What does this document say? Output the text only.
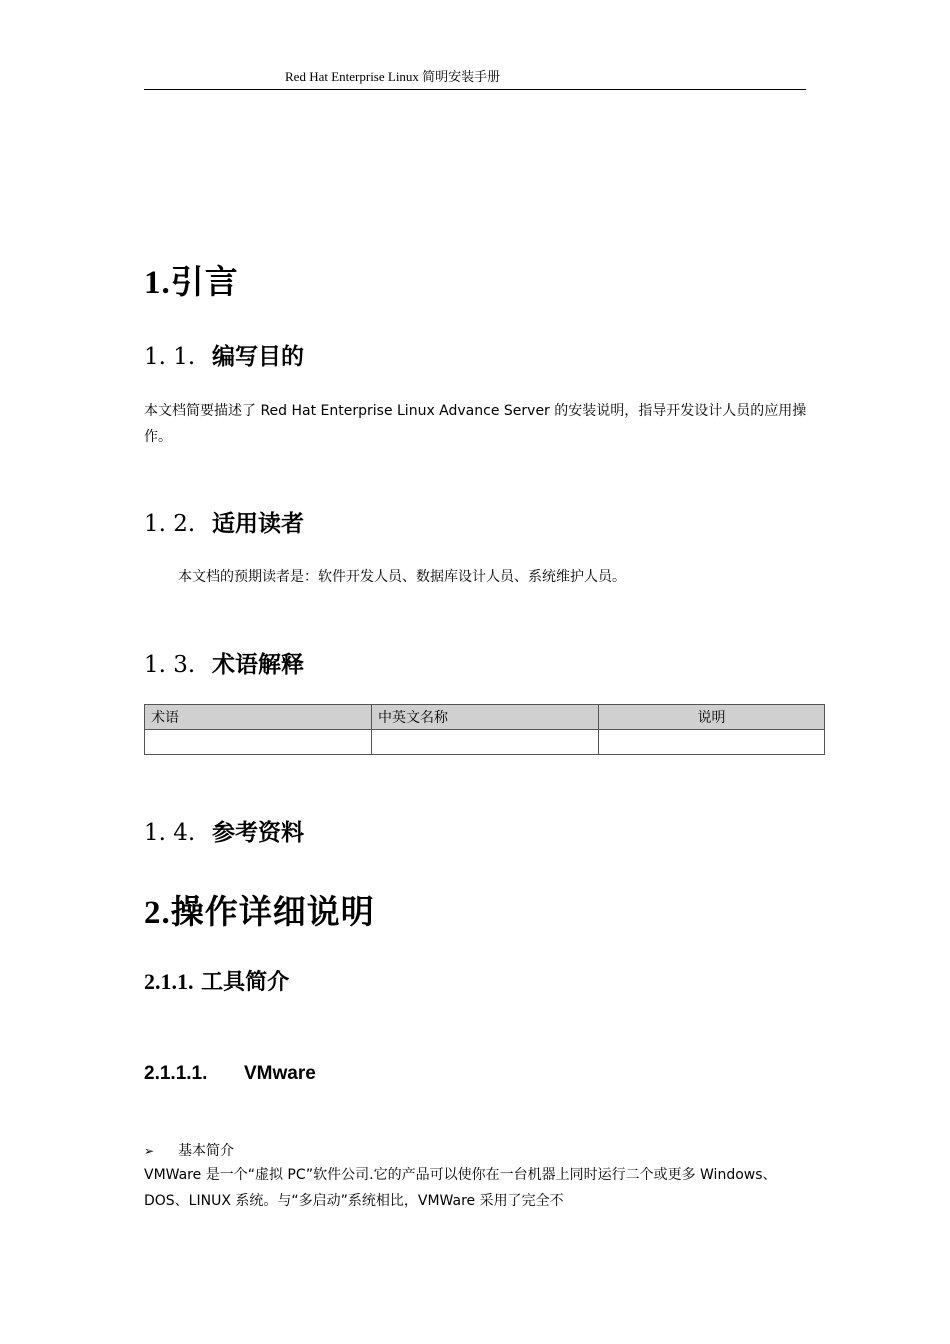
Red Hat Enterprise Linux 简明安装手册
1.引言
1. 1. 编写目的

本文档简要描述了 Red Hat Enterprise Linux Advance Server 的安装说明，指导开发设计人员的应用操作。

1. 2. 适用读者

本文档的预期读者是：软件开发人员、数据库设计人员、系统维护人员。

1. 3. 术语解释
术语	中英文名称	说明

1. 4. 参考资料
2.操作详细说明
2.1.1. 工具简介
2.1.1.1. VMware

➢ 基本简介

VMWare 是一个“虚拟 PC”软件公司.它的产品可以使你在一台机器上同时运行二个或更多 Windows、DOS、LINUX 系统。与“多启动”系统相比，VMWare 采用了完全不
